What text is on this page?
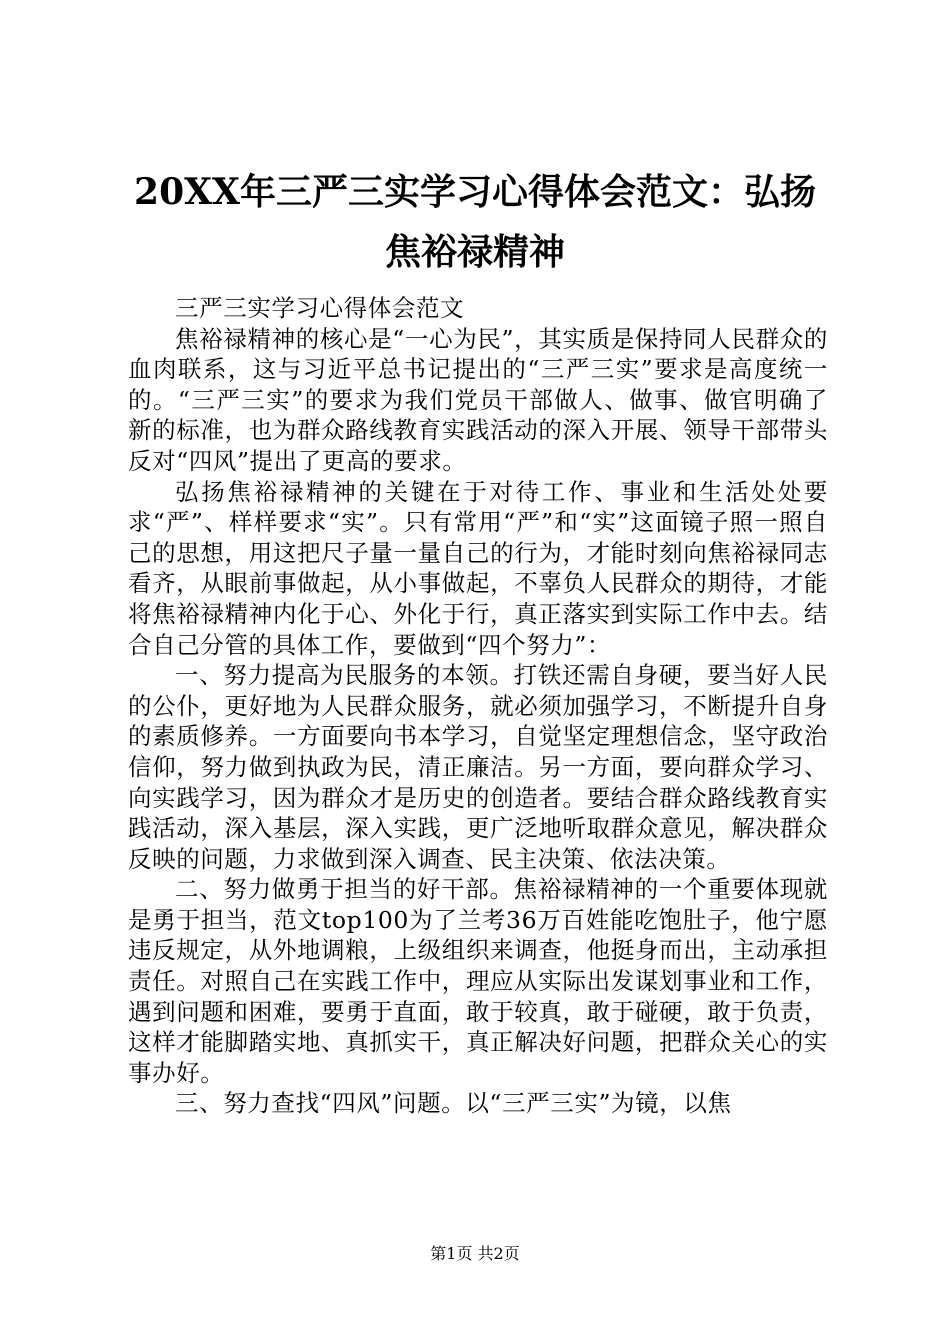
20XX年三严三实学习心得体会范文：弘扬焦裕禄精神

三严三实学习心得体会范文

焦裕禄精神的核心是“一心为民”，其实质是保持同人民群众的血肉联系，这与习近平总书记提出的“三严三实”要求是高度统一的。“三严三实”的要求为我们党员干部做人、做事、做官明确了新的标准，也为群众路线教育实践活动的深入开展、领导干部带头反对“四风”提出了更高的要求。

弘扬焦裕禄精神的关键在于对待工作、事业和生活处处要求“严”、样样要求“实”。只有常用“严”和“实”这面镜子照一照自己的思想，用这把尺子量一量自己的行为，才能时刻向焦裕禄同志看齐，从眼前事做起，从小事做起，不辜负人民群众的期待，才能将焦裕禄精神内化于心、外化于行，真正落实到实际工作中去。结合自己分管的具体工作，要做到“四个努力”：

一、努力提高为民服务的本领。打铁还需自身硬，要当好人民的公仆，更好地为人民群众服务，就必须加强学习，不断提升自身的素质修养。一方面要向书本学习，自觉坚定理想信念，坚守政治信仰，努力做到执政为民，清正廉洁。另一方面，要向群众学习、向实践学习，因为群众才是历史的创造者。要结合群众路线教育实践活动，深入基层，深入实践，更广泛地听取群众意见，解决群众反映的问题，力求做到深入调查、民主决策、依法决策。

二、努力做勇于担当的好干部。焦裕禄精神的一个重要体现就是勇于担当，范文top100为了兰考36万百姓能吃饱肚子，他宁愿违反规定，从外地调粮，上级组织来调查，他挺身而出，主动承担责任。对照自己在实践工作中，理应从实际出发谋划事业和工作，遇到问题和困难，要勇于直面，敢于较真，敢于碰硬，敢于负责，这样才能脚踏实地、真抓实干，真正解决好问题，把群众关心的实事办好。

三、努力查找“四风”问题。以“三严三实”为镜，以焦

第1页 共2页
